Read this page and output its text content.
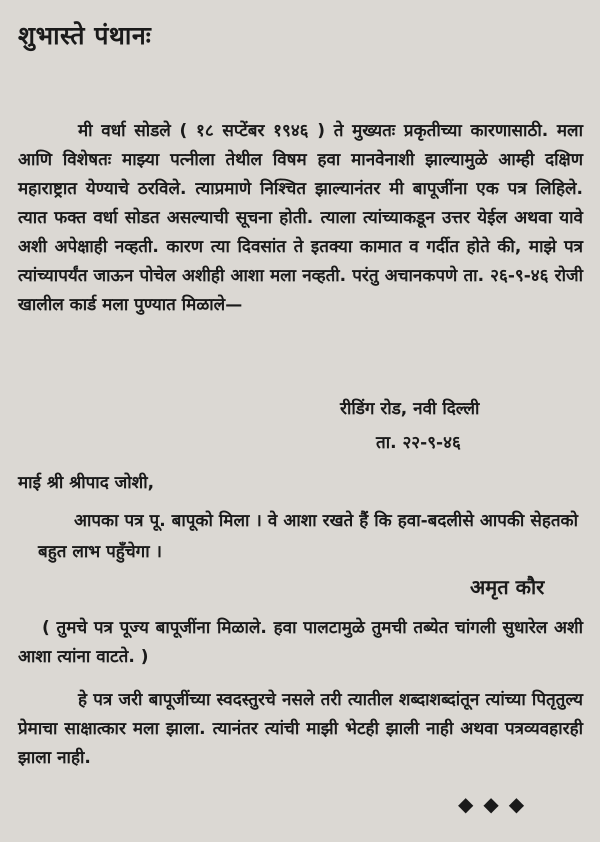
शुभास्ते पंथानः
मी वर्धा सोडले ( १८ सप्टेंबर १९४६ ) ते मुख्यतः प्रकृतीच्या कारणासाठी. मला आणि विशेषतः माझ्या पत्नीला तेथील विषम हवा मानवेनाशी झाल्यामुळे आम्ही दक्षिण महाराष्ट्रात येण्याचे ठरविले. त्याप्रमाणे निश्चित झाल्यानंतर मी बापूजींना एक पत्र लिहिले. त्यात फक्त वर्धा सोडत असल्याची सूचना होती. त्याला त्यांच्याकडून उत्तर येईल अथवा यावे अशी अपेक्षाही नव्हती. कारण त्या दिवसांत ते इतक्या कामात व गर्दीत होते की, माझे पत्र त्यांच्यापर्यंत जाऊन पोचेल अशीही आशा मला नव्हती. परंतु अचानकपणे ता. २६-९-४६ रोजी खालील कार्ड मला पुण्यात मिळाले—
रीडिंग रोड, नवी दिल्ली
ता. २२-९-४६
माई श्री श्रीपाद जोशी,
आपका पत्र पू. बापूको मिला । वे आशा रखते हैं कि हवा-बदलीसे आपकी सेहतको बहुत लाभ पहुँचेगा ।
अमृत कौर
( तुमचे पत्र पूज्य बापूजींना मिळाले. हवा पालटामुळे तुमची तब्येत चांगली सुधारेल अशी आशा त्यांना वाटते. )
हे पत्र जरी बापूजींच्या स्वदस्तुरचे नसले तरी त्यातील शब्दाशब्दांतून त्यांच्या पितृतुल्य प्रेमाचा साक्षात्कार मला झाला. त्यानंतर त्यांची माझी भेटही झाली नाही अथवा पत्रव्यवहारही झाला नाही.
◆◆◆
